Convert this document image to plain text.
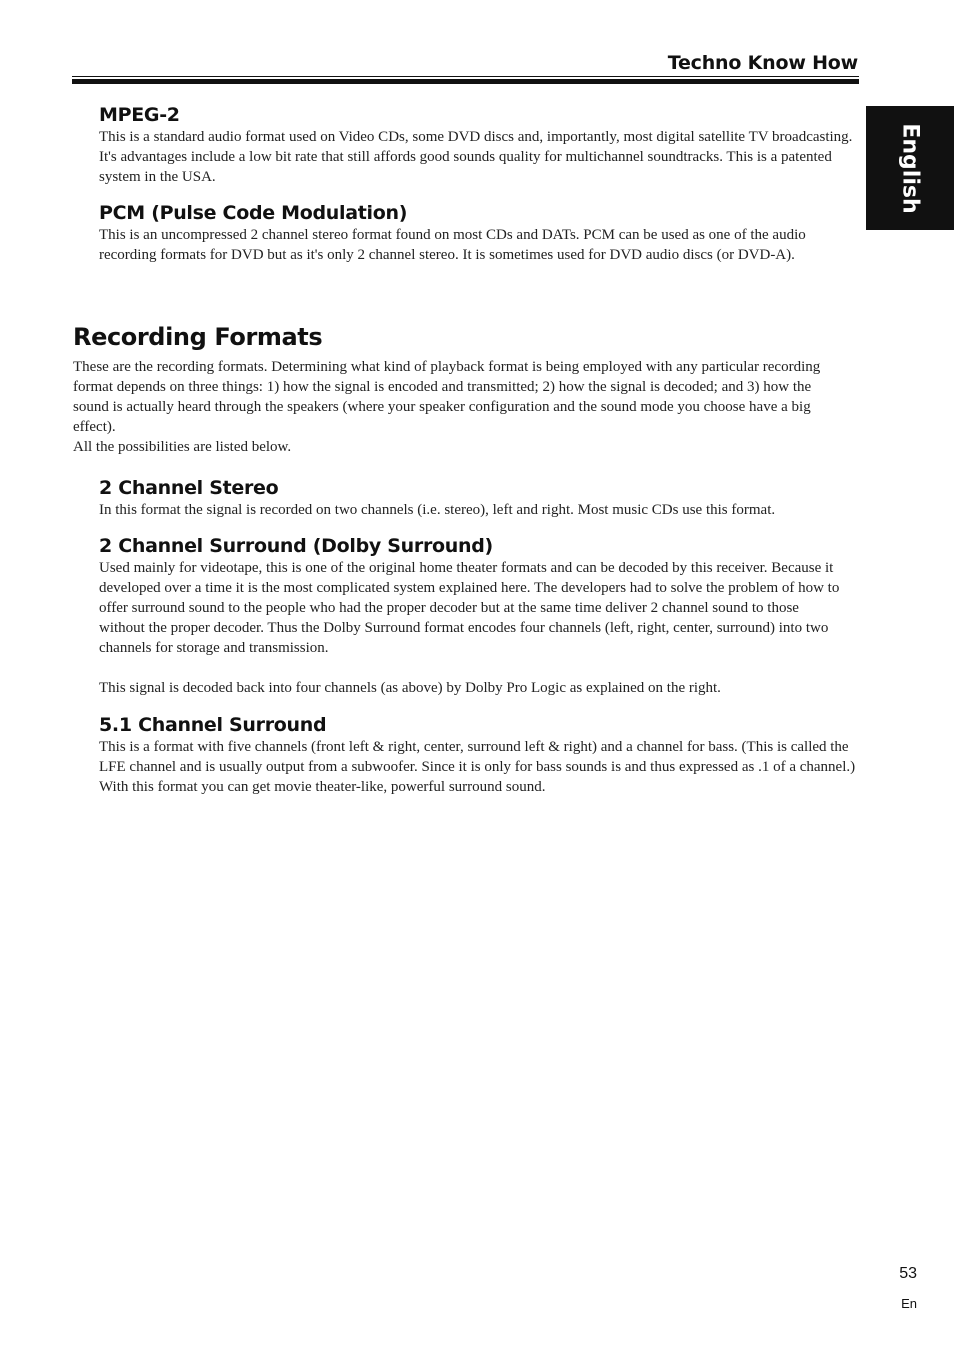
Techno Know How
English
MPEG-2

This is a standard audio format used on Video CDs, some DVD discs and, importantly, most digital satellite TV broadcasting. It's advantages include a low bit rate that still affords good sounds quality for multichannel soundtracks. This is a patented system in the USA.

PCM (Pulse Code Modulation)

This is an uncompressed 2 channel stereo format found on most CDs and DATs. PCM can be used as one of the audio recording formats for DVD but as it's only 2 channel stereo. It is sometimes used for DVD audio discs (or DVD-A).

Recording Formats

These are the recording formats. Determining what kind of playback format is being employed with any particular recording format depends on three things: 1) how the signal is encoded and transmitted; 2) how the signal is decoded; and 3) how the sound is actually heard through the speakers (where your speaker configuration and the sound mode you choose have a big effect).

All the possibilities are listed below.

2 Channel Stereo

In this format the signal is recorded on two channels (i.e. stereo), left and right. Most music CDs use this format.

2 Channel Surround (Dolby Surround)

Used mainly for videotape, this is one of the original home theater formats and can be decoded by this receiver. Because it developed over a time it is the most complicated system explained here. The developers had to solve the problem of how to offer surround sound to the people who had the proper decoder but at the same time deliver 2 channel sound to those without the proper decoder. Thus the Dolby Surround format encodes four channels (left, right, center, surround) into two channels for storage and transmission.

This signal is decoded back into four channels (as above) by Dolby Pro Logic as explained on the right.

5.1 Channel Surround

This is a format with five channels (front left & right, center, surround left & right) and a channel for bass. (This is called the LFE channel and is usually output from a subwoofer. Since it is only for bass sounds is and thus expressed as .1 of a channel.) With this format you can get movie theater-like, powerful surround sound.

53
En
